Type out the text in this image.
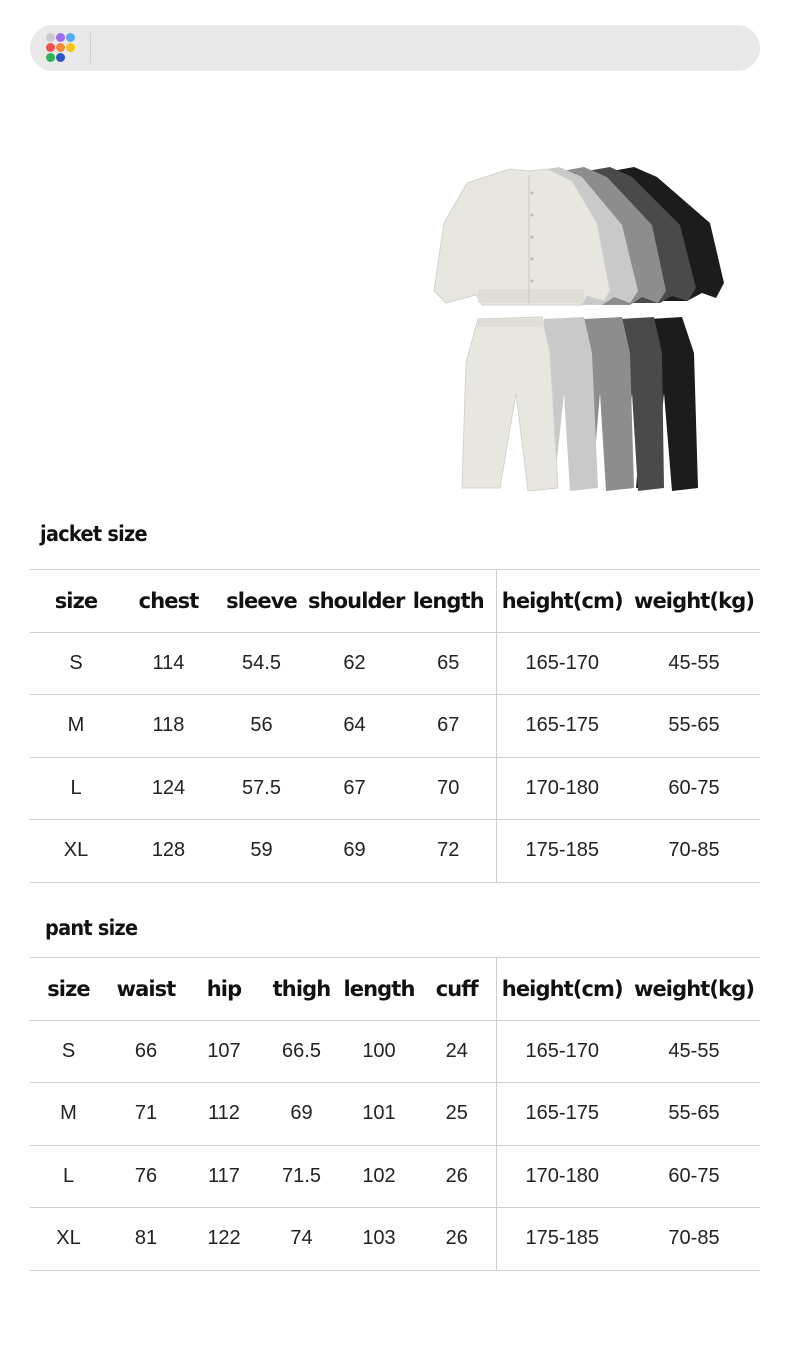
jacket size
size	chest	sleeve	shoulder	length	height(cm)	weight(kg)
S	114	54.5	62	65	165-170	45-55
M	118	56	64	67	165-175	55-65
L	124	57.5	67	70	170-180	60-75
XL	128	59	69	72	175-185	70-85
pant size
size	waist	hip	thigh	length	cuff	height(cm)	weight(kg)
S	66	107	66.5	100	24	165-170	45-55
M	71	112	69	101	25	165-175	55-65
L	76	117	71.5	102	26	170-180	60-75
XL	81	122	74	103	26	175-185	70-85
